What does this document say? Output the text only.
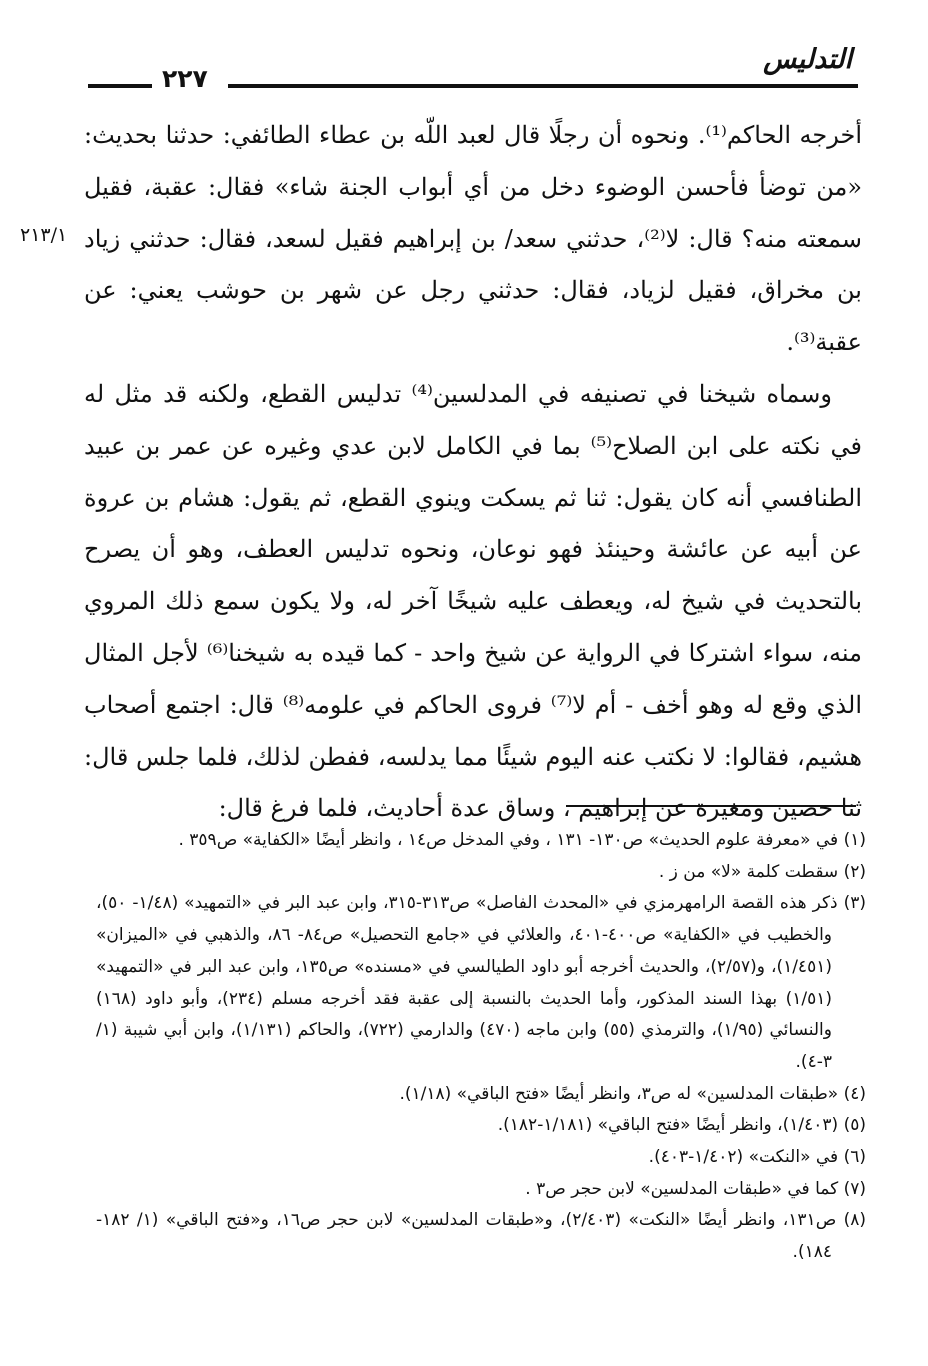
٢٢٧
التدليس
٢١٣/١

أخرجه الحاكم⁽¹⁾. ونحوه أن رجلًا قال لعبد اللّه بن عطاء الطائفي: حدثنا بحديث: «من توضأ فأحسن الوضوء دخل من أي أبواب الجنة شاء» فقال: عقبة، فقيل سمعته منه؟ قال: لا⁽²⁾، حدثني سعد/ بن إبراهيم فقيل لسعد، فقال: حدثني زياد بن مخراق، فقيل لزياد، فقال: حدثني رجل عن شهر بن حوشب يعني: عن عقبة⁽³⁾.

وسماه شيخنا في تصنيفه في المدلسين⁽⁴⁾ تدليس القطع، ولكنه قد مثل له في نكته على ابن الصلاح⁽⁵⁾ بما في الكامل لابن عدي وغيره عن عمر بن عبيد الطنافسي أنه كان يقول: ثنا ثم يسكت وينوي القطع، ثم يقول: هشام بن عروة عن أبيه عن عائشة وحينئذ فهو نوعان، ونحوه تدليس العطف، وهو أن يصرح بالتحديث في شيخ له، ويعطف عليه شيخًا آخر له، ولا يكون سمع ذلك المروي منه، سواء اشتركا في الرواية عن شيخ واحد - كما قيده به شيخنا⁽⁶⁾ لأجل المثال الذي وقع له وهو أخف - أم لا⁽⁷⁾ فروى الحاكم في علومه⁽⁸⁾ قال: اجتمع أصحاب هشيم، فقالوا: لا نكتب عنه اليوم شيئًا مما يدلسه، ففطن لذلك، فلما جلس قال: ثنا حصين ومغيرة عن إبراهيم ، وساق عدة أحاديث، فلما فرغ قال:

(١) في «معرفة علوم الحديث» ص١٣٠- ١٣١ ، وفي المدخل ص١٤ ، وانظر أيضًا «الكفاية» ص٣٥٩ .
(٢) سقطت كلمة «لا» من ز .
(٣) ذكر هذه القصة الرامهرمزي في «المحدث الفاصل» ص٣١٣-٣١٥، وابن عبد البر في «التمهيد» (١/٤٨- ٥٠)، والخطيب في «الكفاية» ص٤٠٠-٤٠١، والعلائي في «جامع التحصيل» ص٨٤- ٨٦، والذهبي في «الميزان» (١/٤٥١)، و(٢/٥٧)، والحديث أخرجه أبو داود الطيالسي في «مسنده» ص١٣٥، وابن عبد البر في «التمهيد» (١/٥١) بهذا السند المذكور، وأما الحديث بالنسبة إلى عقبة فقد أخرجه مسلم (٢٣٤)، وأبو داود (١٦٨) والنسائي (١/٩٥)، والترمذي (٥٥) وابن ماجه (٤٧٠) والدارمي (٧٢٢)، والحاكم (١/١٣١)، وابن أبي شيبة (١/ ٣-٤).
(٤) «طبقات المدلسين» له ص٣، وانظر أيضًا «فتح الباقي» (١/١٨).
(٥) (١/٤٠٣)، وانظر أيضًا «فتح الباقي» (١/١٨١-١٨٢).
(٦) في «النكت» (١/٤٠٢-٤٠٣).
(٧) كما في «طبقات المدلسين» لابن حجر ص٣ .
(٨) ص١٣١، وانظر أيضًا «النكت» (٢/٤٠٣)، و«طبقات المدلسين» لابن حجر ص١٦، و«فتح الباقي» (١/ ١٨٢- ١٨٤).
